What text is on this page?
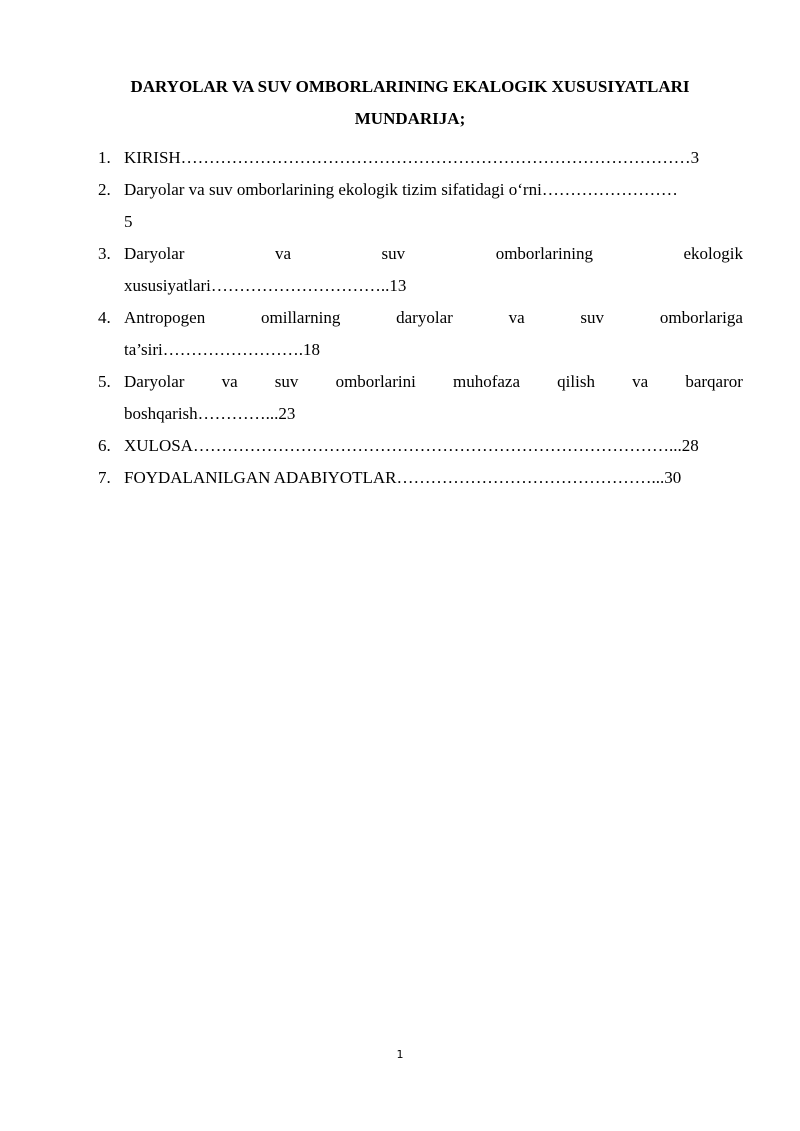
DARYOLAR VA SUV OMBORLARINING EKALOGIK XUSUSIYATLARI
MUNDARIJA;
1. KIRISH………………………………………………………………………………3
2. Daryolar va suv omborlarining ekologik tizim sifatidagi o‘rni……………………
5
3. Daryolar	va	suv	omborlarining	ekologik
xususiyatlari…………………………..13
4. Antropogen	omillarning	daryolar	va	suv	omborlariga
ta’siri…………………….18
5. Daryolar va suv omborlarini muhofaza qilish va barqaror
boshqarish…………...23
6. XULOSA…………………………………………………………………………...28
7. FOYDALANILGAN ADABIYOTLAR………………………………………...30
1
